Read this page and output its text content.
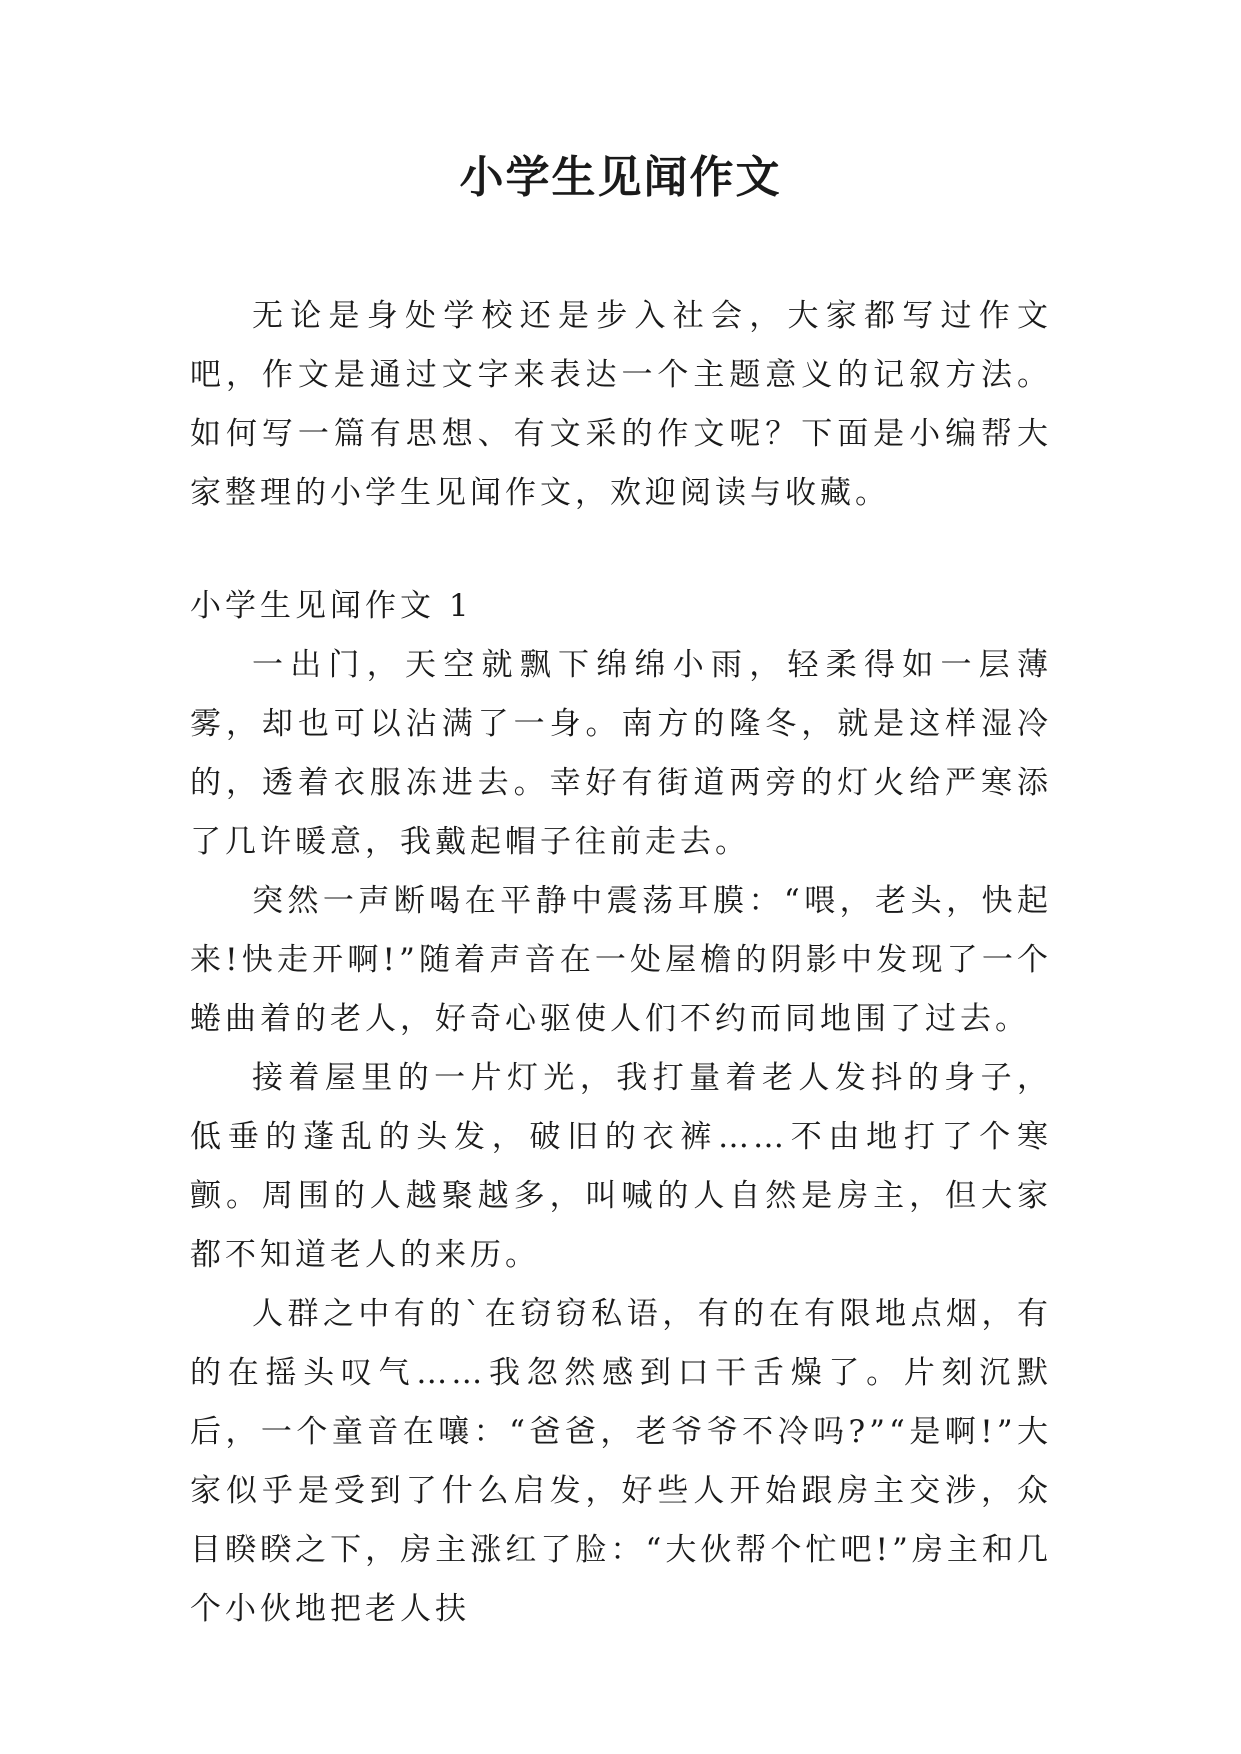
小学生见闻作文

无论是身处学校还是步入社会，大家都写过作文吧，作文是通过文字来表达一个主题意义的记叙方法。如何写一篇有思想、有文采的作文呢？下面是小编帮大家整理的小学生见闻作文，欢迎阅读与收藏。

小学生见闻作文 1

一出门，天空就飘下绵绵小雨，轻柔得如一层薄雾，却也可以沾满了一身。南方的隆冬，就是这样湿冷的，透着衣服冻进去。幸好有街道两旁的灯火给严寒添了几许暖意，我戴起帽子往前走去。

突然一声断喝在平静中震荡耳膜：“喂，老头，快起来!快走开啊!”随着声音在一处屋檐的阴影中发现了一个蜷曲着的老人，好奇心驱使人们不约而同地围了过去。

接着屋里的一片灯光，我打量着老人发抖的身子，低垂的蓬乱的头发，破旧的衣裤……不由地打了个寒颤。周围的人越聚越多，叫喊的人自然是房主，但大家都不知道老人的来历。

人群之中有的`在窃窃私语，有的在有限地点烟，有的在摇头叹气……我忽然感到口干舌燥了。片刻沉默后，一个童音在嚷：“爸爸，老爷爷不冷吗?”“是啊!”大家似乎是受到了什么启发，好些人开始跟房主交涉，众目睽睽之下，房主涨红了脸：“大伙帮个忙吧!”房主和几个小伙地把老人扶
